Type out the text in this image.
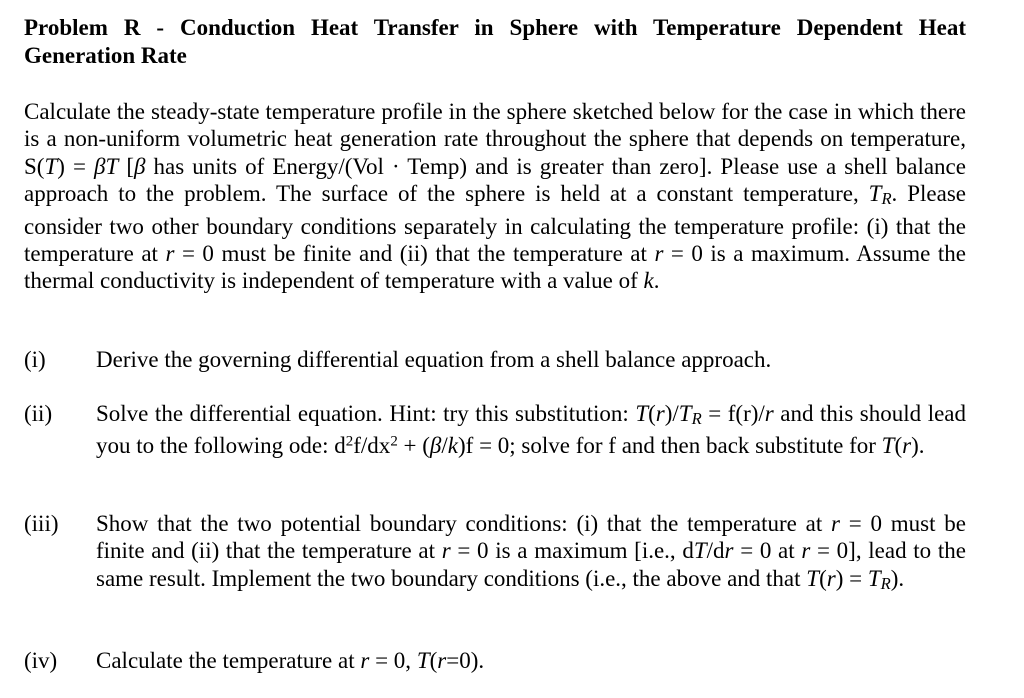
Problem R - Conduction Heat Transfer in Sphere with Temperature Dependent Heat Generation Rate
Calculate the steady-state temperature profile in the sphere sketched below for the case in which there is a non-uniform volumetric heat generation rate throughout the sphere that depends on temperature, S(T) = βT [β has units of Energy/(Vol · Temp) and is greater than zero]. Please use a shell balance approach to the problem. The surface of the sphere is held at a constant temperature, $T_R$. Please consider two other boundary conditions separately in calculating the temperature profile: (i) that the temperature at r = 0 must be finite and (ii) that the temperature at r = 0 is a maximum. Assume the thermal conductivity is independent of temperature with a value of k.
(i) Derive the governing differential equation from a shell balance approach.
(ii) Solve the differential equation. Hint: try this substitution: $T(r)/T_R = f(r)/r$ and this should lead you to the following ode: $d^2f/dx^2 + (\beta/k)f = 0$; solve for f and then back substitute for T(r).
(iii) Show that the two potential boundary conditions: (i) that the temperature at r = 0 must be finite and (ii) that the temperature at r = 0 is a maximum [i.e., dT/dr = 0 at r = 0], lead to the same result. Implement the two boundary conditions (i.e., the above and that $T(r) = T_R$).
(iv) Calculate the temperature at r = 0, T(r=0).
